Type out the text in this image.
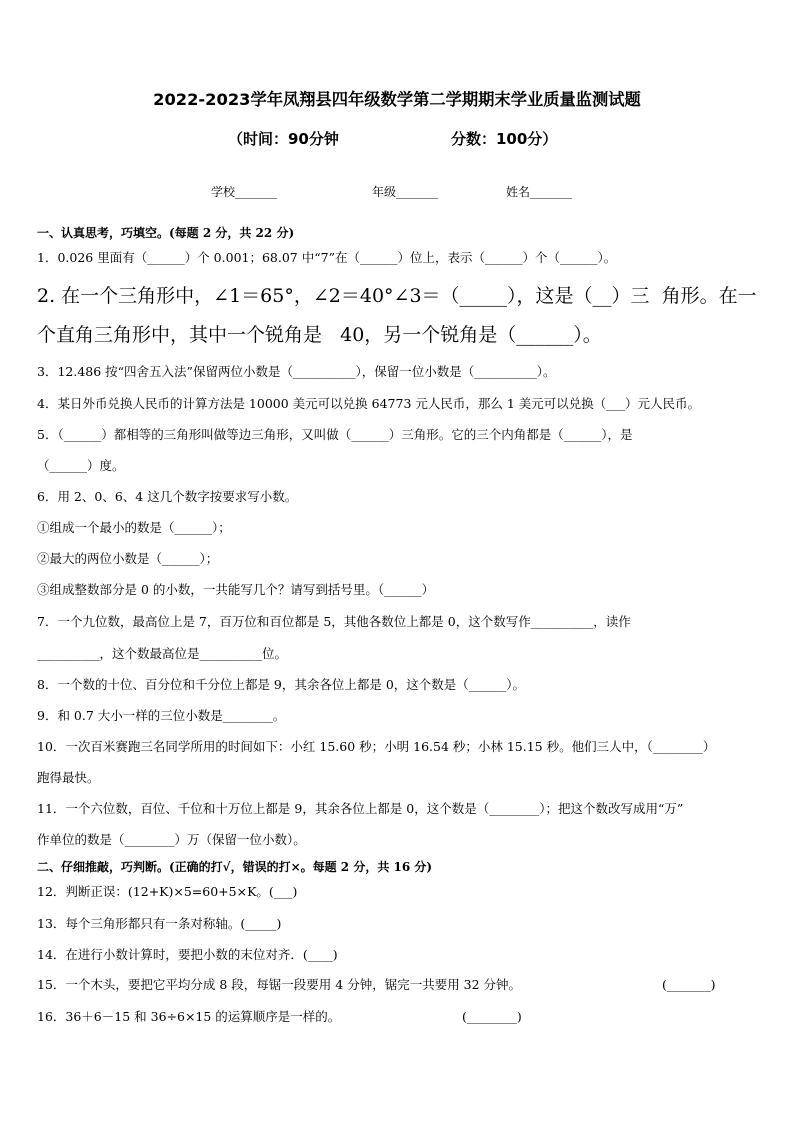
2022-2023学年凤翔县四年级数学第二学期期末学业质量监测试题
（时间：90分钟	分数：100分）
学校_______	年级_______	姓名_______
一、认真思考，巧填空。(每题 2 分，共 22 分)
1．0.026 里面有（______）个 0.001；68.07 中“7”在（______）位上，表示（______）个（______）。
2. 在一个三角形中，∠1＝65°，∠2＝40°∠3＝（_____），这是（__）三  角形。在一
个直角三角形中，其中一个锐角是   40，另一个锐角是（______）。
3．12.486 按“四舍五入法”保留两位小数是（__________），保留一位小数是（__________）。
4．某日外币兑换人民币的计算方法是 10000 美元可以兑换 64773 元人民币，那么 1 美元可以兑换（___）元人民币。
5．（______）都相等的三角形叫做等边三角形，又叫做（______）三角形。它的三个内角都是（______），是
（______）度。
6．用 2、0、6、4 这几个数字按要求写小数。
①组成一个最小的数是（______）；
②最大的两位小数是（______）；
③组成整数部分是 0 的小数，一共能写几个？请写到括号里。（______）
7．一个九位数，最高位上是 7，百万位和百位都是 5，其他各数位上都是 0，这个数写作__________，读作
__________，这个数最高位是__________位。
8．一个数的十位、百分位和千分位上都是 9，其余各位上都是 0，这个数是（______）。
9．和 0.7 大小一样的三位小数是________。
10．一次百米赛跑三名同学所用的时间如下：小红 15.60 秒；小明 16.54 秒；小林 15.15 秒。他们三人中，（________）
跑得最快。
11．一个六位数，百位、千位和十万位上都是 9，其余各位上都是 0，这个数是（________）；把这个数改写成用“万”
作单位的数是（________）万（保留一位小数）。
二、仔细推敲，巧判断。(正确的打√，错误的打×。每题 2 分，共 16 分)
12．判断正误：(12+K)×5=60+5×K。(___)
13．每个三角形都只有一条对称轴。(_____)
14．在进行小数计算时，要把小数的末位对齐．(____)
15．一个木头，要把它平均分成 8 段，每锯一段要用 4 分钟，锯完一共要用 32 分钟。	(_______)
16．36＋6－15 和 36÷6×15 的运算顺序是一样的。	(________)
